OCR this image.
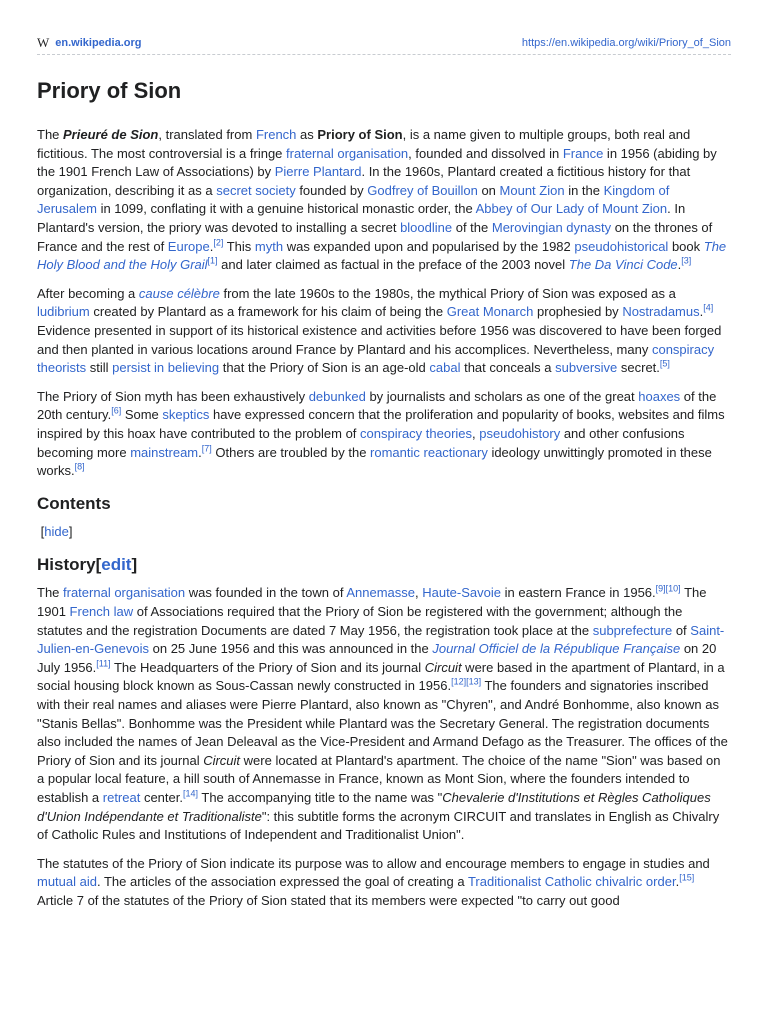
W en.wikipedia.org	https://en.wikipedia.org/wiki/Priory_of_Sion
Priory of Sion

The Prieuré de Sion, translated from French as Priory of Sion, is a name given to multiple groups, both real and fictitious. The most controversial is a fringe fraternal organisation, founded and dissolved in France in 1956 (abiding by the 1901 French Law of Associations) by Pierre Plantard. In the 1960s, Plantard created a fictitious history for that organization, describing it as a secret society founded by Godfrey of Bouillon on Mount Zion in the Kingdom of Jerusalem in 1099, conflating it with a genuine historical monastic order, the Abbey of Our Lady of Mount Zion. In Plantard's version, the priory was devoted to installing a secret bloodline of the Merovingian dynasty on the thrones of France and the rest of Europe.[2] This myth was expanded upon and popularised by the 1982 pseudohistorical book The Holy Blood and the Holy Grail[1] and later claimed as factual in the preface of the 2003 novel The Da Vinci Code.[3]

After becoming a cause célèbre from the late 1960s to the 1980s, the mythical Priory of Sion was exposed as a ludibrium created by Plantard as a framework for his claim of being the Great Monarch prophesied by Nostradamus.[4] Evidence presented in support of its historical existence and activities before 1956 was discovered to have been forged and then planted in various locations around France by Plantard and his accomplices. Nevertheless, many conspiracy theorists still persist in believing that the Priory of Sion is an age-old cabal that conceals a subversive secret.[5]

The Priory of Sion myth has been exhaustively debunked by journalists and scholars as one of the great hoaxes of the 20th century.[6] Some skeptics have expressed concern that the proliferation and popularity of books, websites and films inspired by this hoax have contributed to the problem of conspiracy theories, pseudohistory and other confusions becoming more mainstream.[7] Others are troubled by the romantic reactionary ideology unwittingly promoted in these works.[8]

Contents
[hide]
History[edit]

The fraternal organisation was founded in the town of Annemasse, Haute-Savoie in eastern France in 1956.[9][10] The 1901 French law of Associations required that the Priory of Sion be registered with the government; although the statutes and the registration Documents are dated 7 May 1956, the registration took place at the subprefecture of Saint-Julien-en-Genevois on 25 June 1956 and this was announced in the Journal Officiel de la République Française on 20 July 1956.[11] The Headquarters of the Priory of Sion and its journal Circuit were based in the apartment of Plantard, in a social housing block known as Sous-Cassan newly constructed in 1956.[12][13] The founders and signatories inscribed with their real names and aliases were Pierre Plantard, also known as "Chyren", and André Bonhomme, also known as "Stanis Bellas". Bonhomme was the President while Plantard was the Secretary General. The registration documents also included the names of Jean Deleaval as the Vice-President and Armand Defago as the Treasurer. The offices of the Priory of Sion and its journal Circuit were located at Plantard's apartment. The choice of the name "Sion" was based on a popular local feature, a hill south of Annemasse in France, known as Mont Sion, where the founders intended to establish a retreat center.[14] The accompanying title to the name was "Chevalerie d'Institutions et Règles Catholiques d'Union Indépendante et Traditionaliste": this subtitle forms the acronym CIRCUIT and translates in English as Chivalry of Catholic Rules and Institutions of Independent and Traditionalist Union".

The statutes of the Priory of Sion indicate its purpose was to allow and encourage members to engage in studies and mutual aid. The articles of the association expressed the goal of creating a Traditionalist Catholic chivalric order.[15] Article 7 of the statutes of the Priory of Sion stated that its members were expected "to carry out good
